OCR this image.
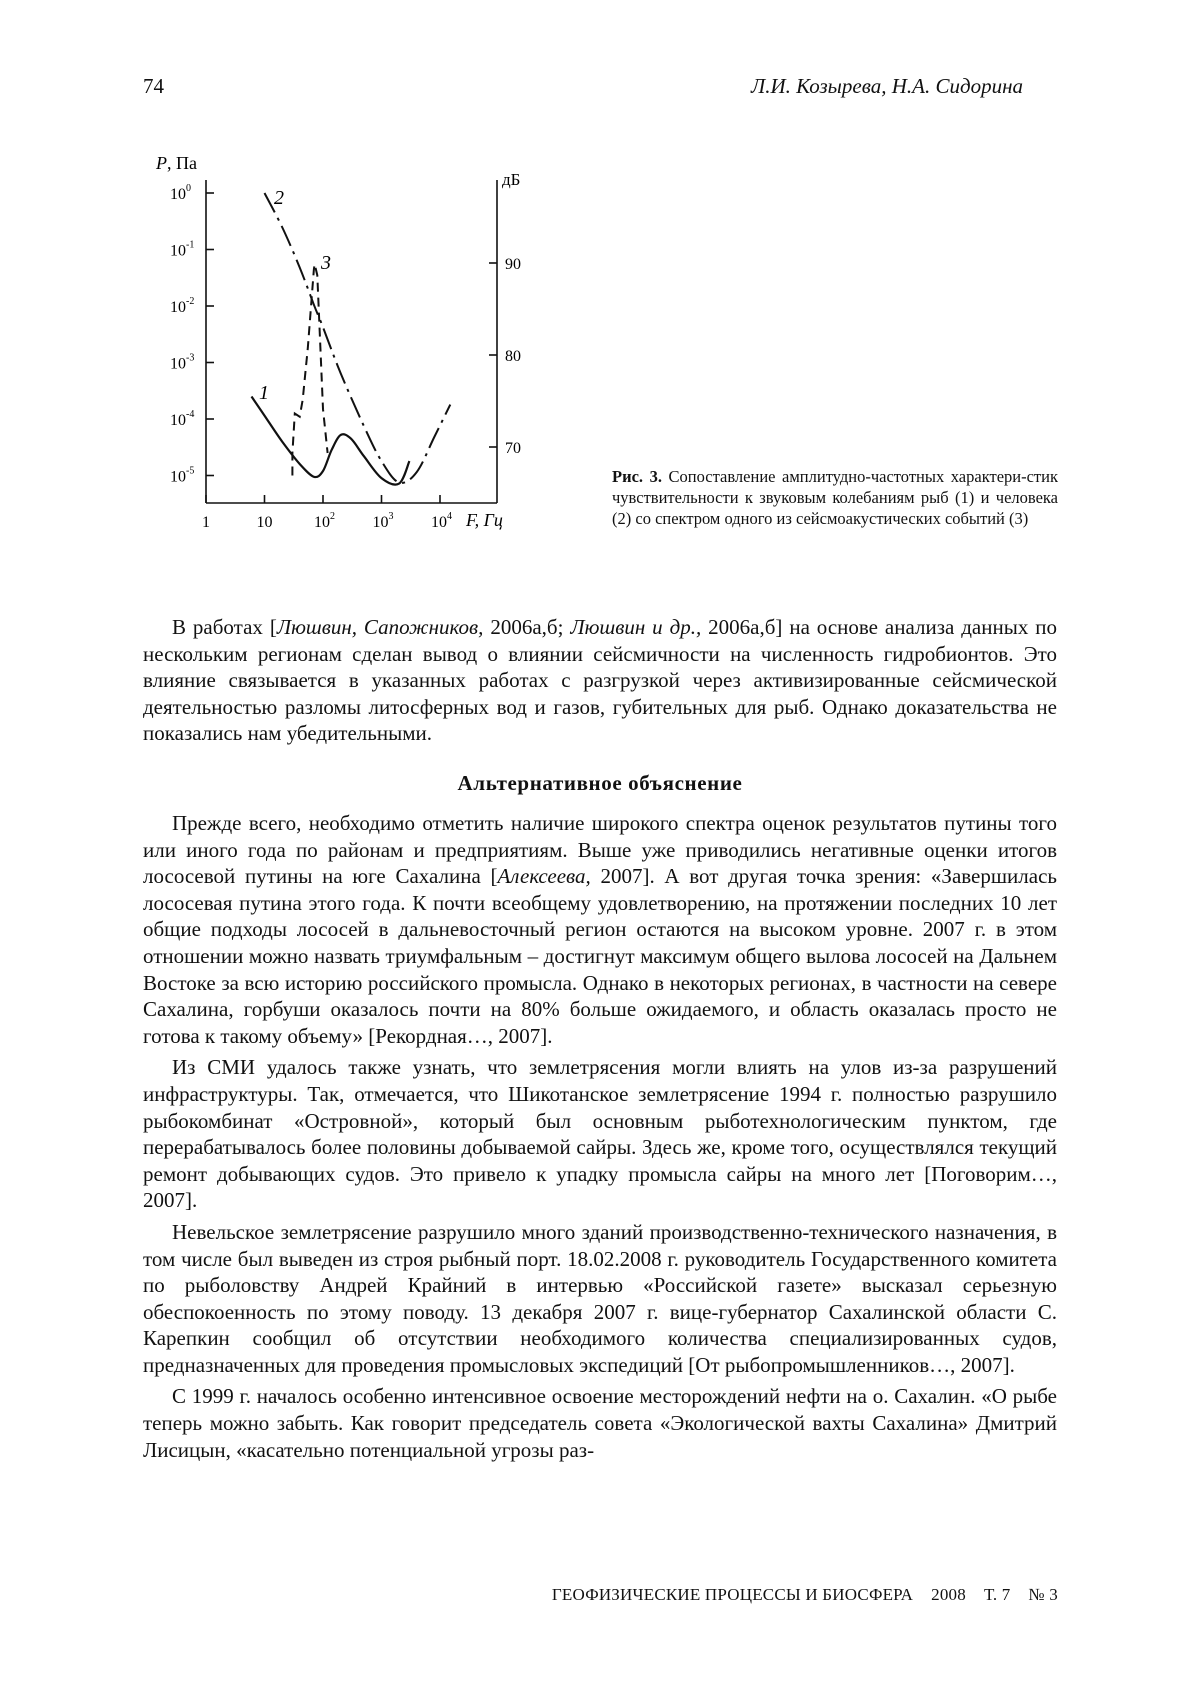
74	Л.И. Козырева, Н.А. Сидорина
$10^0$
$10^{-1}$
$10^{-2}$
$10^{-3}$
$10^{-4}$
$10^{-5}$
90
80
70
1	10	$10^2$ $10^3$ $10^4$
P, Па
дБ
F, Гц
1
2
3
Рис. 3. Сопоставление амплитудно-частотных характери-стик чувствительности к звуковым колебаниям рыб (1) и человека (2) со спектром одного из сейсмоакустических событий (3)

В работах [Люшвин, Сапожников, 2006а,б; Люшвин и др., 2006а,б] на основе анализа данных по нескольким регионам сделан вывод о влиянии сейсмичности на численность гидробионтов. Это влияние связывается в указанных работах с разгрузкой через активизированные сейсмической деятельностью разломы литосферных вод и газов, губительных для рыб. Однако доказательства не показались нам убедительными.

Альтернативное объяснение

Прежде всего, необходимо отметить наличие широкого спектра оценок результатов путины того или иного года по районам и предприятиям. Выше уже приводились негативные оценки итогов лососевой путины на юге Сахалина [Алексеева, 2007]. А вот другая точка зрения: «Завершилась лососевая путина этого года. К почти всеобщему удовлетворению, на протяжении последних 10 лет общие подходы лососей в дальневосточный регион остаются на высоком уровне. 2007 г. в этом отношении можно назвать триумфальным – достигнут максимум общего вылова лососей на Дальнем Востоке за всю историю российского промысла. Однако в некоторых регионах, в частности на севере Сахалина, горбуши оказалось почти на 80% больше ожидаемого, и область оказалась просто не готова к такому объему» [Рекордная…, 2007].

Из СМИ удалось также узнать, что землетрясения могли влиять на улов из-за разрушений инфраструктуры. Так, отмечается, что Шикотанское землетрясение 1994 г. полностью разрушило рыбокомбинат «Островной», который был основным рыботехнологическим пунктом, где перерабатывалось более половины добываемой сайры. Здесь же, кроме того, осуществлялся текущий ремонт добывающих судов. Это привело к упадку промысла сайры на много лет [Поговорим…, 2007].

Невельское землетрясение разрушило много зданий производственно-технического назначения, в том числе был выведен из строя рыбный порт. 18.02.2008 г. руководитель Государственного комитета по рыболовству Андрей Крайний в интервью «Российской газете» высказал серьезную обеспокоенность по этому поводу. 13 декабря 2007 г. вице-губернатор Сахалинской области С. Карепкин сообщил об отсутствии необходимого количества специализированных судов, предназначенных для проведения промысловых экспедиций [От рыбопромышленников…, 2007].

С 1999 г. началось особенно интенсивное освоение месторождений нефти на о. Сахалин. «О рыбе теперь можно забыть. Как говорит председатель совета «Экологической вахты Сахалина» Дмитрий Лисицын, «касательно потенциальной угрозы раз-

ГЕОФИЗИЧЕСКИЕ ПРОЦЕССЫ И БИОСФЕРА 2008 Т. 7 № 3
